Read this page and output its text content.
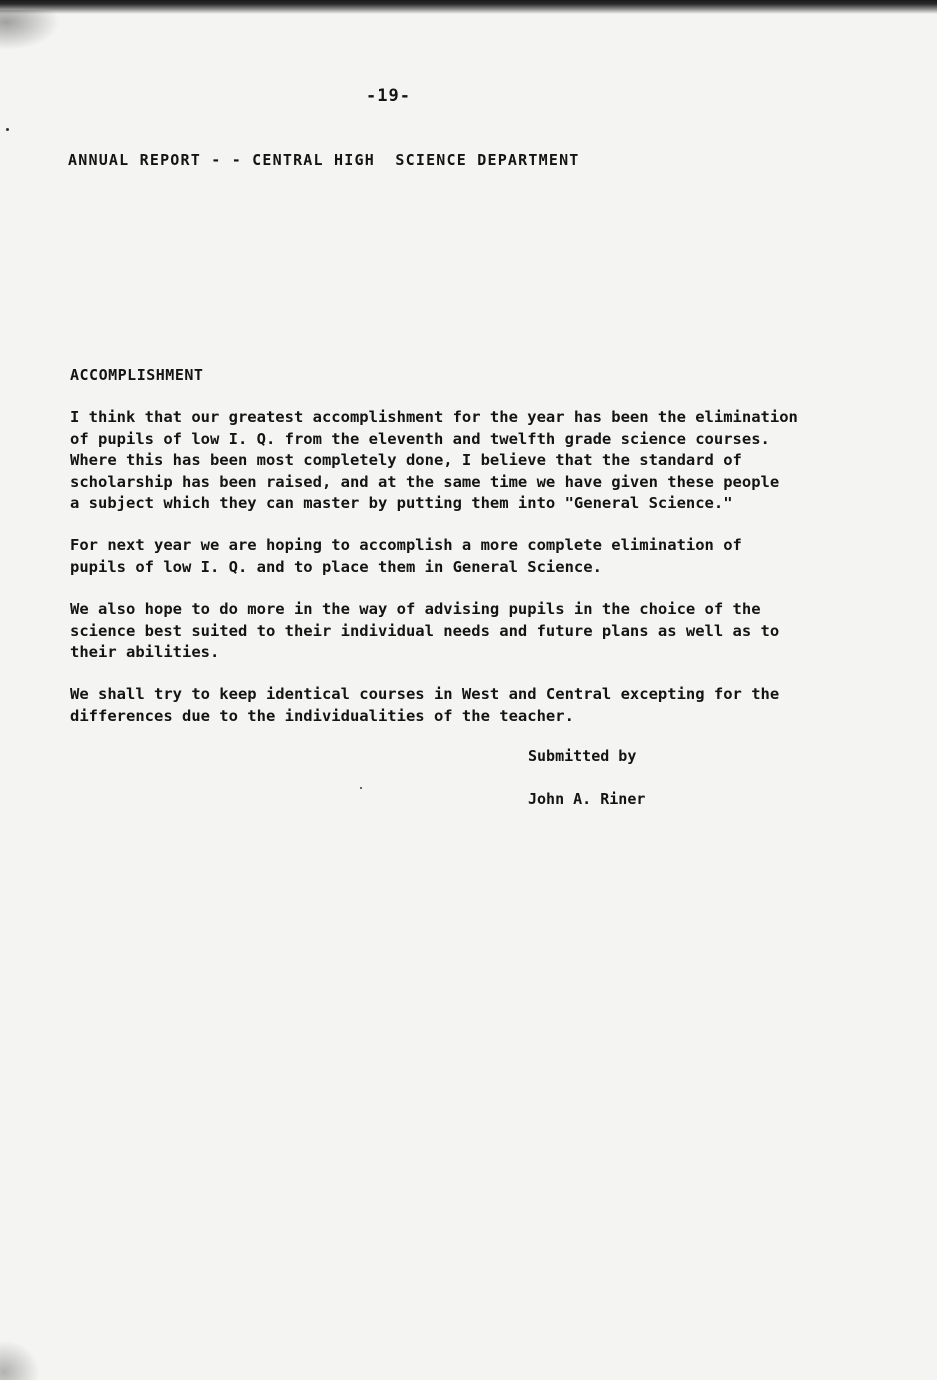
-19-
ANNUAL REPORT - - CENTRAL HIGH  SCIENCE DEPARTMENT
ACCOMPLISHMENT

I think that our greatest accomplishment for the year has been the elimination
of pupils of low I. Q. from the eleventh and twelfth grade science courses.
Where this has been most completely done, I believe that the standard of
scholarship has been raised, and at the same time we have given these people
a subject which they can master by putting them into "General Science."

For next year we are hoping to accomplish a more complete elimination of
pupils of low I. Q. and to place them in General Science.

We also hope to do more in the way of advising pupils in the choice of the
science best suited to their individual needs and future plans as well as to
their abilities.

We shall try to keep identical courses in West and Central excepting for the
differences due to the individualities of the teacher.

Submitted by
John A. Riner
